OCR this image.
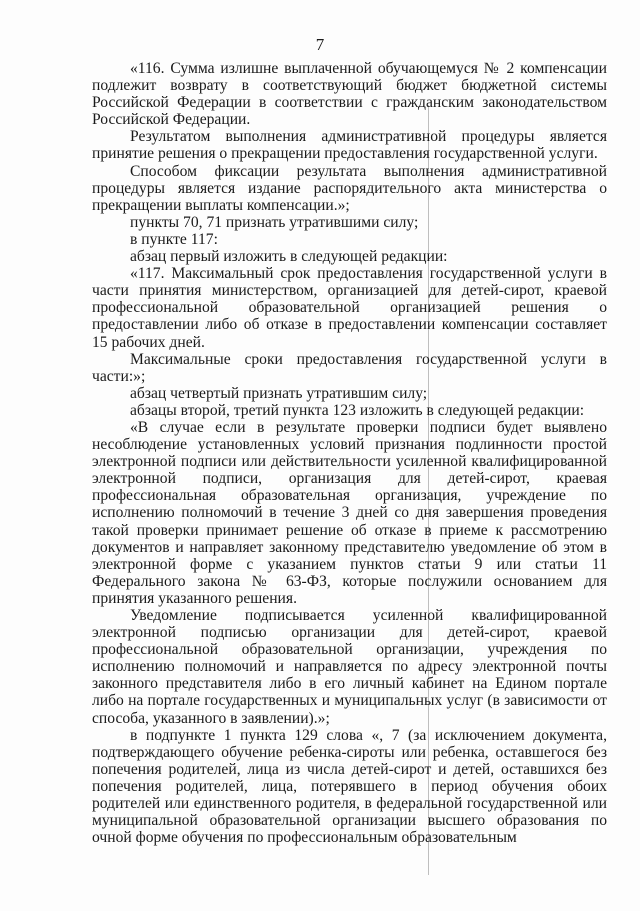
7

«116. Сумма излишне выплаченной обучающемуся № 2 компенсации подлежит возврату в соответствующий бюджет бюджетной системы Российской Федерации в соответствии с гражданским законодательством Российской Федерации.

Результатом выполнения административной процедуры является принятие решения о прекращении предоставления государственной услуги.

Способом фиксации результата выполнения административной процедуры является издание распорядительного акта министерства о прекращении выплаты компенсации.»;

пункты 70, 71 признать утратившими силу;

в пункте 117:

абзац первый изложить в следующей редакции:

«117. Максимальный срок предоставления государственной услуги в части принятия министерством, организацией для детей-сирот, краевой профессиональной образовательной организацией решения о предоставлении либо об отказе в предоставлении компенсации составляет 15 рабочих дней.

Максимальные сроки предоставления государственной услуги в части:»;

абзац четвертый признать утратившим силу;

абзацы второй, третий пункта 123 изложить в следующей редакции:

«В случае если в результате проверки подписи будет выявлено несоблюдение установленных условий признания подлинности простой электронной подписи или действительности усиленной квалифицированной электронной подписи, организация для детей-сирот, краевая профессиональная образовательная организация, учреждение по исполнению полномочий в течение 3 дней со дня завершения проведения такой проверки принимает решение об отказе в приеме к рассмотрению документов и направляет законному представителю уведомление об этом в электронной форме с указанием пунктов статьи 9 или статьи 11 Федерального закона № 63-ФЗ, которые послужили основанием для принятия указанного решения.

Уведомление подписывается усиленной квалифицированной электронной подписью организации для детей-сирот, краевой профессиональной образовательной организации, учреждения по исполнению полномочий и направляется по адресу электронной почты законного представителя либо в его личный кабинет на Едином портале либо на портале государственных и муниципальных услуг (в зависимости от способа, указанного в заявлении).»;

в подпункте 1 пункта 129 слова «, 7 (за исключением документа, подтверждающего обучение ребенка-сироты или ребенка, оставшегося без попечения родителей, лица из числа детей-сирот и детей, оставшихся без попечения родителей, лица, потерявшего в период обучения обоих родителей или единственного родителя, в федеральной государственной или муниципальной образовательной организации высшего образования по очной форме обучения по профессиональным образовательным
